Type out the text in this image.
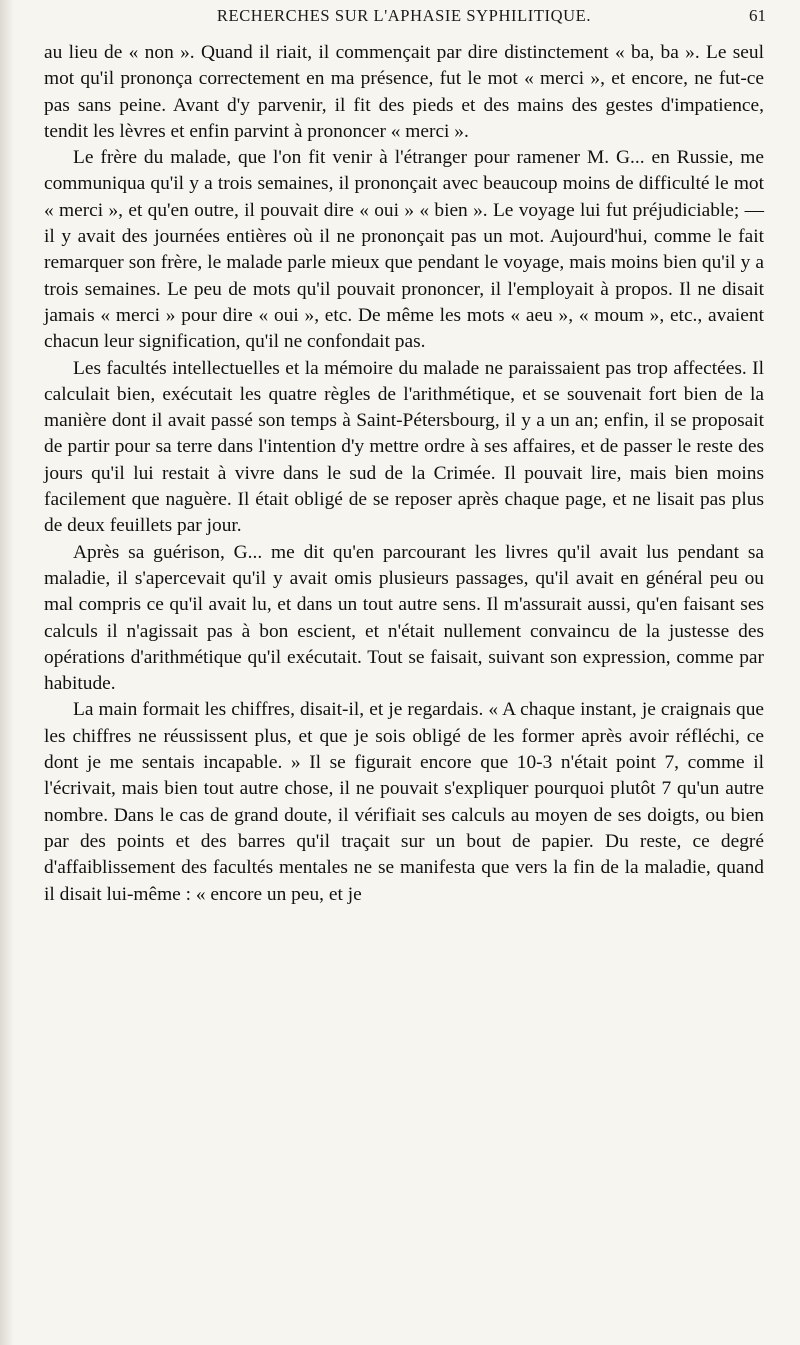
RECHERCHES SUR L'APHASIE SYPHILITIQUE.	61

au lieu de « non ». Quand il riait, il commençait par dire distinctement « ba, ba ». Le seul mot qu'il prononça correctement en ma présence, fut le mot « merci », et encore, ne fut-ce pas sans peine. Avant d'y parvenir, il fit des pieds et des mains des gestes d'impatience, tendit les lèvres et enfin parvint à prononcer « merci ».

Le frère du malade, que l'on fit venir à l'étranger pour ramener M. G... en Russie, me communiqua qu'il y a trois semaines, il prononçait avec beaucoup moins de difficulté le mot « merci », et qu'en outre, il pouvait dire « oui » « bien ». Le voyage lui fut préjudiciable; — il y avait des journées entières où il ne prononçait pas un mot. Aujourd'hui, comme le fait remarquer son frère, le malade parle mieux que pendant le voyage, mais moins bien qu'il y a trois semaines. Le peu de mots qu'il pouvait prononcer, il l'employait à propos. Il ne disait jamais « merci » pour dire « oui », etc. De même les mots « aeu », « moum », etc., avaient chacun leur signification, qu'il ne confondait pas.

Les facultés intellectuelles et la mémoire du malade ne paraissaient pas trop affectées. Il calculait bien, exécutait les quatre règles de l'arithmétique, et se souvenait fort bien de la manière dont il avait passé son temps à Saint-Pétersbourg, il y a un an; enfin, il se proposait de partir pour sa terre dans l'intention d'y mettre ordre à ses affaires, et de passer le reste des jours qu'il lui restait à vivre dans le sud de la Crimée. Il pouvait lire, mais bien moins facilement que naguère. Il était obligé de se reposer après chaque page, et ne lisait pas plus de deux feuillets par jour.

Après sa guérison, G... me dit qu'en parcourant les livres qu'il avait lus pendant sa maladie, il s'apercevait qu'il y avait omis plusieurs passages, qu'il avait en général peu ou mal compris ce qu'il avait lu, et dans un tout autre sens. Il m'assurait aussi, qu'en faisant ses calculs il n'agissait pas à bon escient, et n'était nullement convaincu de la justesse des opérations d'arithmétique qu'il exécutait. Tout se faisait, suivant son expression, comme par habitude.

La main formait les chiffres, disait-il, et je regardais. « A chaque instant, je craignais que les chiffres ne réussissent plus, et que je sois obligé de les former après avoir réfléchi, ce dont je me sentais incapable. » Il se figurait encore que 10-3 n'était point 7, comme il l'écrivait, mais bien tout autre chose, il ne pouvait s'expliquer pourquoi plutôt 7 qu'un autre nombre. Dans le cas de grand doute, il vérifiait ses calculs au moyen de ses doigts, ou bien par des points et des barres qu'il traçait sur un bout de papier. Du reste, ce degré d'affaiblissement des facultés mentales ne se manifesta que vers la fin de la maladie, quand il disait lui-même : « encore un peu, et je
